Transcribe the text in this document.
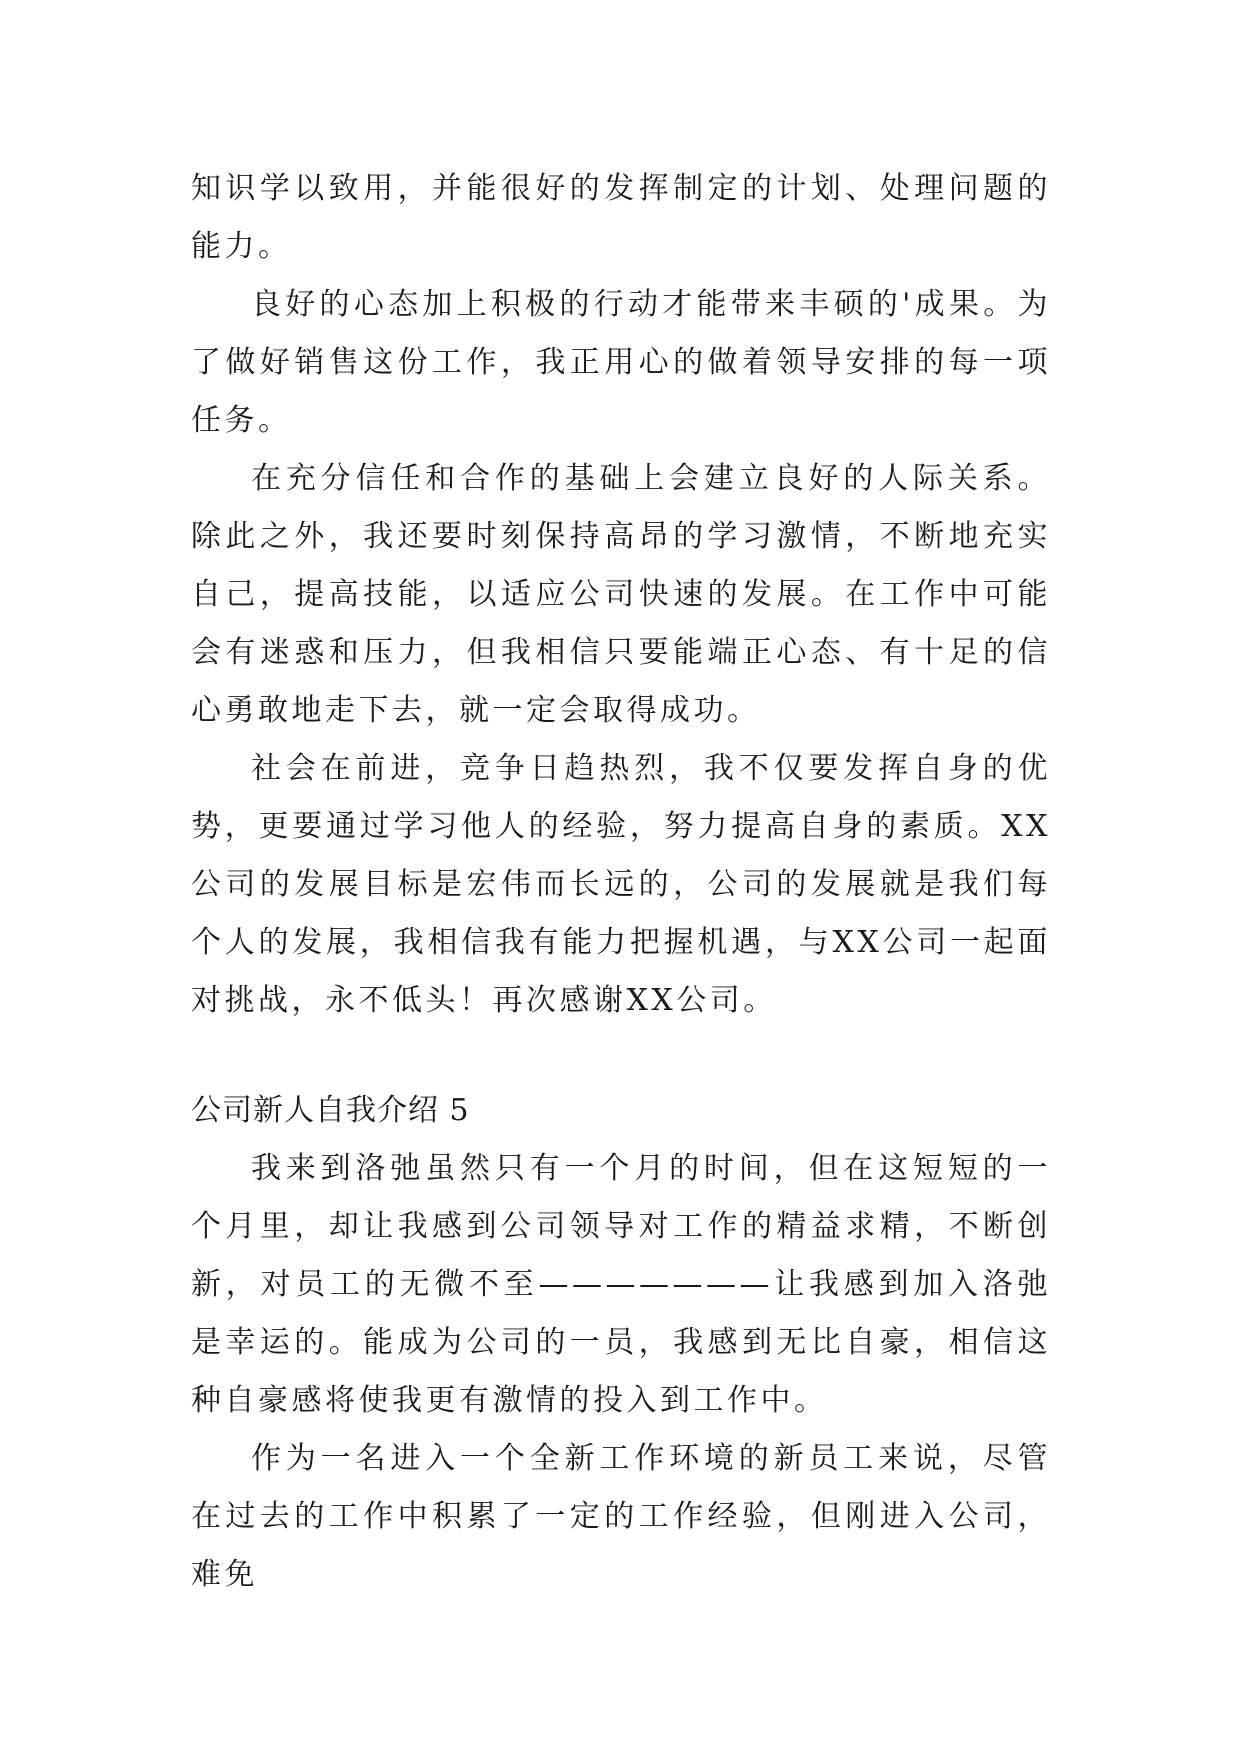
知识学以致用，并能很好的发挥制定的计划、处理问题的能力。

良好的心态加上积极的行动才能带来丰硕的'成果。为了做好销售这份工作，我正用心的做着领导安排的每一项任务。

在充分信任和合作的基础上会建立良好的人际关系。除此之外，我还要时刻保持高昂的学习激情，不断地充实自己，提高技能，以适应公司快速的发展。在工作中可能会有迷惑和压力，但我相信只要能端正心态、有十足的信心勇敢地走下去，就一定会取得成功。

社会在前进，竞争日趋热烈，我不仅要发挥自身的优势，更要通过学习他人的经验，努力提高自身的素质。XX公司的发展目标是宏伟而长远的，公司的发展就是我们每个人的发展，我相信我有能力把握机遇，与XX公司一起面对挑战，永不低头！再次感谢XX公司。

公司新人自我介绍 5

我来到洛弛虽然只有一个月的时间，但在这短短的一个月里，却让我感到公司领导对工作的精益求精，不断创新，对员工的无微不至———————让我感到加入洛弛是幸运的。能成为公司的一员，我感到无比自豪，相信这种自豪感将使我更有激情的投入到工作中。

作为一名进入一个全新工作环境的新员工来说，尽管在过去的工作中积累了一定的工作经验，但刚进入公司，难免
